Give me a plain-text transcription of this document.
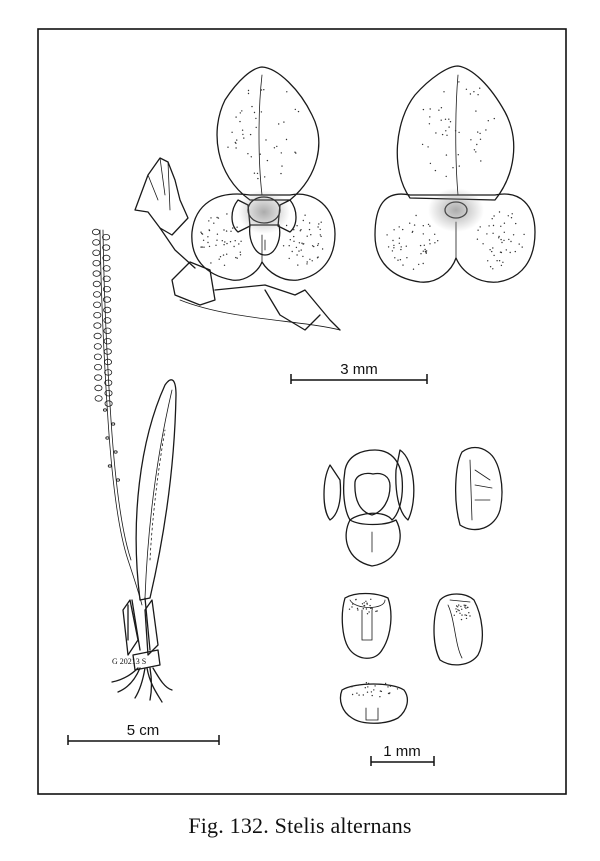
G 20213 S
5 cm
3 mm
1 mm
Fig. 132. Stelis alternans
